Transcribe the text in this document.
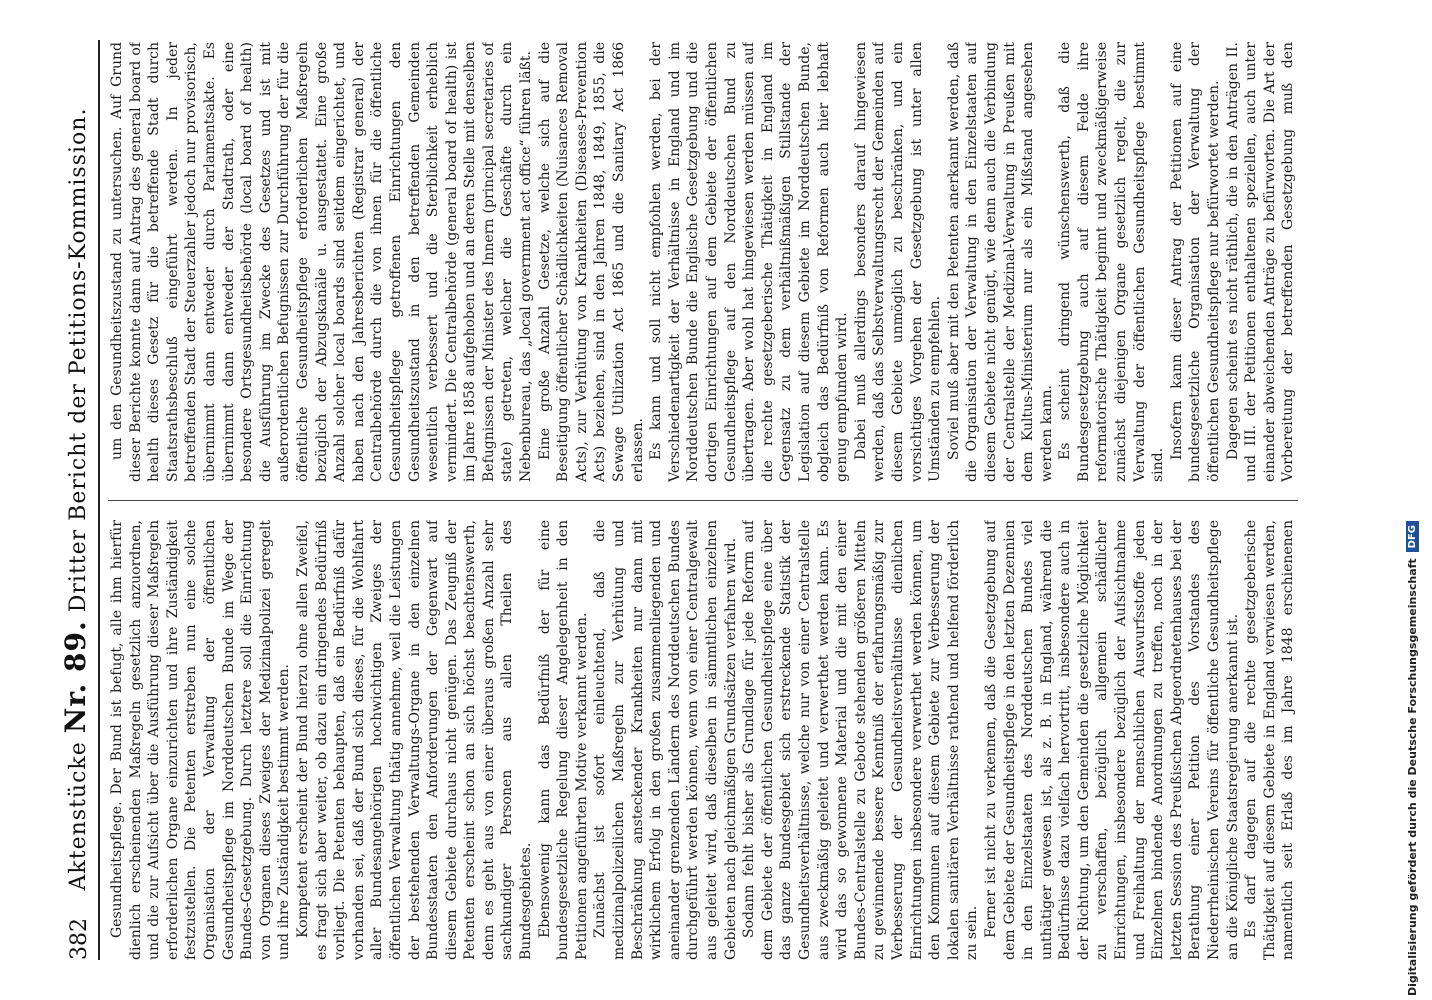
382
Aktenstücke Nr. 89. Dritter Bericht der Petitions-Kommission.

Gesundheitspflege. Der Bund ist befugt, alle ihm hierfür dienlich erscheinenden Maßregeln gesetzlich anzuordnen, und die zur Aufsicht über die Ausführung dieser Maßregeln erforderlichen Organe einzurichten und ihre Zuständigkeit festzustellen. Die Petenten erstreben nun eine solche Organisation der Verwaltung der öffentlichen Gesundheitspflege im Norddeutschen Bunde im Wege der Bundes-Gesetzgebung. Durch letztere soll die Einrichtung von Organen dieses Zweiges der Medizinalpolizei geregelt und ihre Zuständigkeit bestimmt werden. Kompetent erscheint der Bund hierzu ohne allen Zweifel, es fragt sich aber weiter, ob dazu ein dringendes Bedürfniß vorliegt. Die Petenten behaupten, daß ein Bedürfniß dafür vorhanden sei, daß der Bund sich dieses, für die Wohlfahrt aller Bundesangehörigen hochwichtigen Zweiges der öffentlichen Verwaltung thätig annehme, weil die Leistungen der bestehenden Verwaltungs-Organe in den einzelnen Bundesstaaten den Anforderungen der Gegenwart auf diesem Gebiete durchaus nicht genügen. Das Zeugniß der Petenten erscheint schon an sich höchst beachtenswerth, denn es geht aus von einer überaus großen Anzahl sehr sachkundiger Personen aus allen Theilen des Bundesgebietes. Ebensowenig kann das Bedürfniß der für eine bundesgesetzliche Regelung dieser Angelegenheit in den Petitionen angeführten Motive verkannt werden. Zunächst ist sofort einleuchtend, daß die medizinalpolizeilichen Maßregeln zur Verhütung und Beschränkung ansteckender Krankheiten nur dann mit wirklichem Erfolg in den großen zusammenliegenden und aneinander grenzenden Ländern des Norddeutschen Bundes durchgeführt werden können, wenn von einer Centralgewalt aus geleitet wird, daß dieselben in sämmtlichen einzelnen Gebieten nach gleichmäßigen Grundsätzen verfahren wird. Sodann fehlt bisher als Grundlage für jede Reform auf dem Gebiete der öffentlichen Gesundheitspflege eine über das ganze Bundesgebiet sich erstreckende Statistik der Gesundheitsverhältnisse, welche nur von einer Centralstelle aus zweckmäßig geleitet und verwerthet werden kann. Es wird das so gewonnene Material und die mit den einer Bundes-Centralstelle zu Gebote stehenden größeren Mitteln zu gewinnende bessere Kenntniß der erfahrungsmäßig zur Verbesserung der Gesundheitsverhältnisse dienlichen Einrichtungen insbesondere verwerthet werden können, um den Kommunen auf diesem Gebiete zur Verbesserung der lokalen sanitären Verhältnisse rathend und helfend förderlich zu sein. Ferner ist nicht zu verkennen, daß die Gesetzgebung auf dem Gebiete der Gesundheitspflege in den letzten Dezennien in den Einzelstaaten des Norddeutschen Bundes viel unthätiger gewesen ist, als z. B. in England, während die Bedürfnisse dazu vielfach hervortritt, insbesondere auch in der Richtung, um den Gemeinden die gesetzliche Möglichkeit zu verschaffen, bezüglich allgemein schädlicher Einrichtungen, insbesondere bezüglich der Aufsichtnahme und Freihaltung der menschlichen Auswurfsstoffe jeden Einzelnen bindende Anordnungen zu treffen, noch in der letzten Session des Preußischen Abgeordnetenhauses bei der Berathung einer Petition des Vorstandes des Niederrheinischen Vereins für öffentliche Gesundheitspflege an die Königliche Staatsregierung anerkannt ist. Es darf dagegen auf die rechte gesetzgeberische Thätigkeit auf diesem Gebiete in England verwiesen werden, namentlich seit Erlaß des im Jahre 1848 erschienenen

um den Gesundheitszustand zu untersuchen. Auf Grund dieser Berichte konnte dann auf Antrag des general board of health dieses Gesetz für die betreffende Stadt durch Staatsrathsbeschluß eingeführt werden. In jeder betreffenden Stadt der Steuerzahler jedoch nur provisorisch, übernimmt dann entweder durch Parlamentsakte. Es übernimmt dann entweder der Stadtrath, oder eine besondere Ortsgesundheitsbehörde (local board of health) die Ausführung im Zwecke des Gesetzes und ist mit außerordentlichen Befugnissen zur Durchführung der für die öffentliche Gesundheitspflege erforderlichen Maßregeln bezüglich der Abzugskanäle u. ausgestattet. Eine große Anzahl solcher local boards sind seitdem eingerichtet, und haben nach den Jahresberichten (Registrar general) der Centralbehörde durch die von ihnen für die öffentliche Gesundheitspflege getroffenen Einrichtungen den Gesundheitszustand in den betreffenden Gemeinden wesentlich verbessert und die Sterblichkeit erheblich vermindert. Die Centralbehörde (general board of health) ist im Jahre 1858 aufgehoben und an deren Stelle mit denselben Befugnissen der Minister des Innern (principal secretaries of state) getreten, welcher die Geschäfte durch ein Nebenbureau, das „local government act office“ führen läßt. Eine große Anzahl Gesetze, welche sich auf die Beseitigung öffentlicher Schädlichkeiten (Nuisances Removal Acts), zur Verhütung von Krankheiten (Diseases-Prevention Acts) beziehen, sind in den Jahren 1848, 1849, 1855, die Sewage Utilization Act 1865 und die Sanitary Act 1866 erlassen. Es kann und soll nicht empfohlen werden, bei der Verschiedenartigkeit der Verhältnisse in England und im Norddeutschen Bunde die Englische Gesetzgebung und die dortigen Einrichtungen auf dem Gebiete der öffentlichen Gesundheitspflege auf den Norddeutschen Bund zu übertragen. Aber wohl hat hingewiesen werden müssen auf die rechte gesetzgeberische Thätigkeit in England im Gegensatz zu dem verhältnißmäßigen Stillstande der Legislation auf diesem Gebiete im Norddeutschen Bunde, obgleich das Bedürfniß von Reformen auch hier lebhaft genug empfunden wird. Dabei muß allerdings besonders darauf hingewiesen werden, daß das Selbstverwaltungsrecht der Gemeinden auf diesem Gebiete unmöglich zu beschränken, und ein vorsichtiges Vorgehen der Gesetzgebung ist unter allen Umständen zu empfehlen. Soviel muß aber mit den Petenten anerkannt werden, daß die Organisation der Verwaltung in den Einzelstaaten auf diesem Gebiete nicht genügt, wie denn auch die Verbindung der Centralstelle der Medizinal-Verwaltung in Preußen mit dem Kultus-Ministerium nur als ein Mißstand angesehen werden kann. Es scheint dringend wünschenswerth, daß die Bundesgesetzgebung auch auf diesem Felde ihre reformatorische Thätigkeit beginnt und zweckmäßigerweise zunächst diejenigen Organe gesetzlich regelt, die zur Verwaltung der öffentlichen Gesundheitspflege bestimmt sind.

Insofern kann dieser Antrag der Petitionen auf eine bundesgesetzliche Organisation der Verwaltung der öffentlichen Gesundheitspflege nur befürwortet werden. Dagegen scheint es nicht räthlich, die in den Anträgen II. und III. der Petitionen enthaltenen speziellen, auch unter einander abweichenden Anträge zu befürworten. Die Art der Vorbereitung der betreffenden Gesetzgebung muß den

Digitalisierung gefördert durch die Deutsche Forschungsgemeinschaft
DFG
